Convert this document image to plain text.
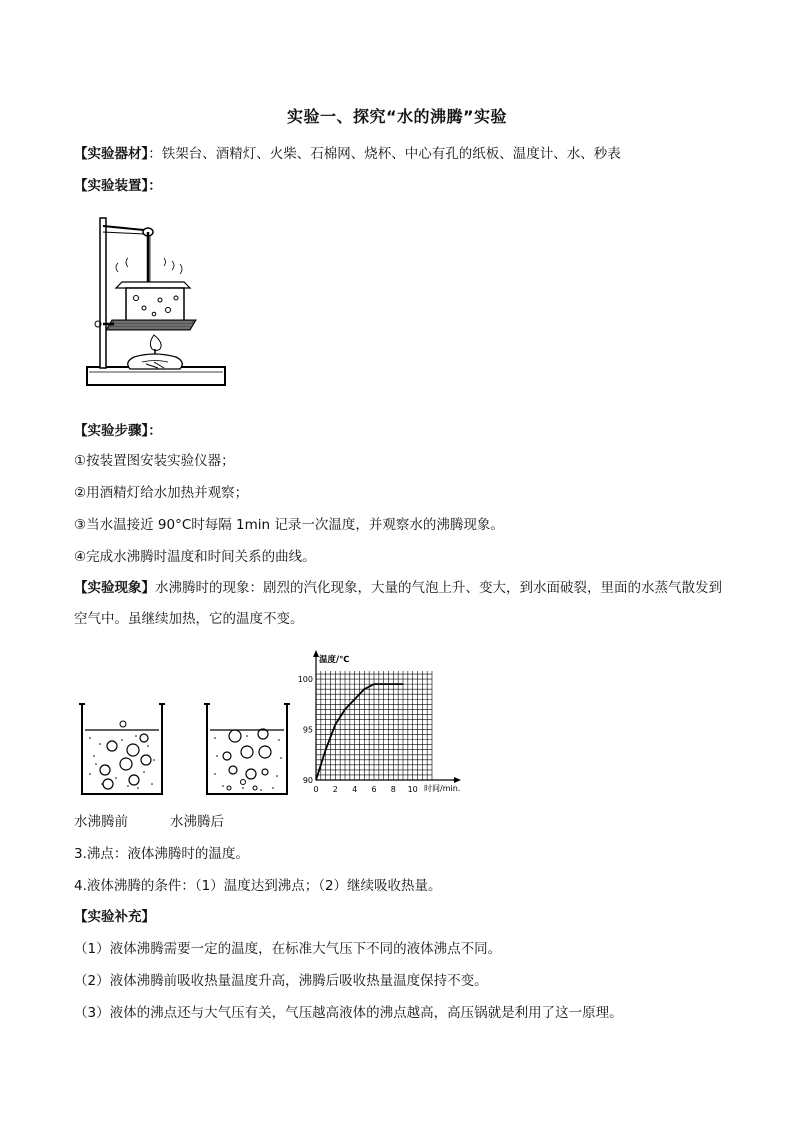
实验一、探究“水的沸腾”实验
【实验器材】：铁架台、酒精灯、火柴、石棉网、烧杯、中心有孔的纸板、温度计、水、秒表
【实验装置】：
【实验步骤】：
①按装置图安装实验仪器；
②用酒精灯给水加热并观察；
③当水温接近 90°C时每隔 1min 记录一次温度，并观察水的沸腾现象。
④完成水沸腾时温度和时间关系的曲线。
【实验现象】水沸腾时的现象：剧烈的汽化现象，大量的气泡上升、变大，到水面破裂，里面的水蒸气散发到空气中。虽继续加热，它的温度不变。
0 2 4 6 8 10
90
95
100
温度/℃
时间/min.
水沸腾前	水沸腾后
3.沸点：液体沸腾时的温度。
4.液体沸腾的条件：（1）温度达到沸点；（2）继续吸收热量。
【实验补充】
（1）液体沸腾需要一定的温度，在标准大气压下不同的液体沸点不同。
（2）液体沸腾前吸收热量温度升高，沸腾后吸收热量温度保持不变。
（3）液体的沸点还与大气压有关，气压越高液体的沸点越高，高压锅就是利用了这一原理。
